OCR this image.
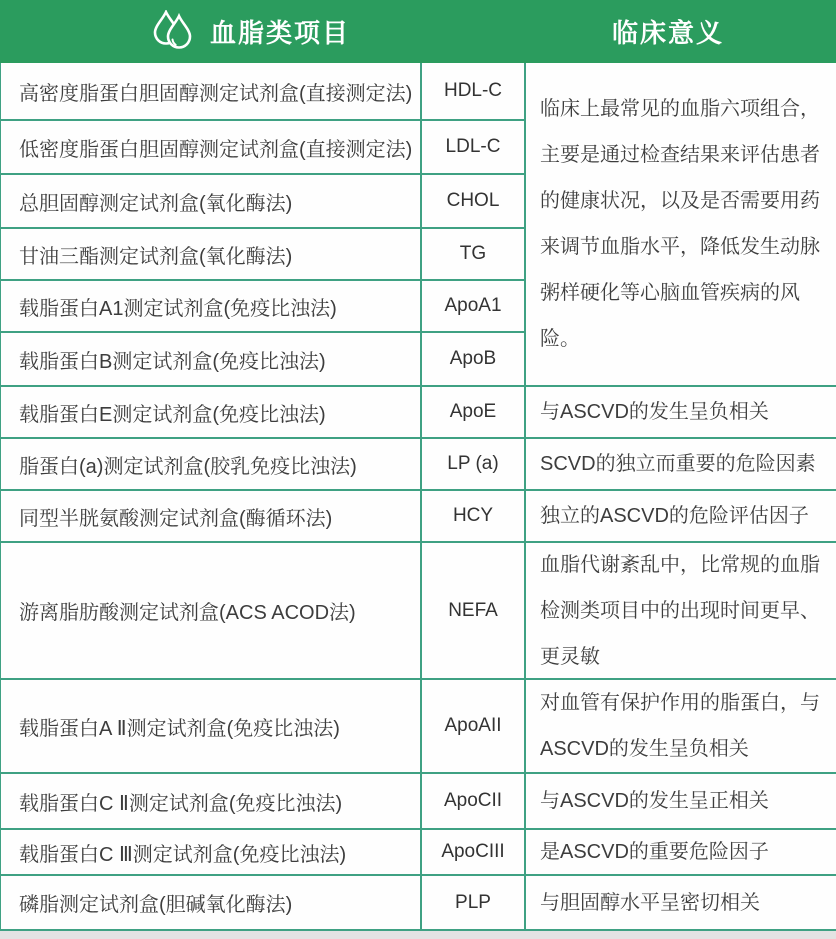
血脂类项目	临床意义
高密度脂蛋白胆固醇测定试剂盒(直接测定法)
低密度脂蛋白胆固醇测定试剂盒(直接测定法)
总胆固醇测定试剂盒(氧化酶法)
甘油三酯测定试剂盒(氧化酶法)
载脂蛋白A1测定试剂盒(免疫比浊法)
载脂蛋白B测定试剂盒(免疫比浊法)
载脂蛋白E测定试剂盒(免疫比浊法)
脂蛋白(a)测定试剂盒(胶乳免疫比浊法)
同型半胱氨酸测定试剂盒(酶循环法)
游离脂肪酸测定试剂盒(ACS ACOD法)
载脂蛋白A Ⅱ测定试剂盒(免疫比浊法)
载脂蛋白C Ⅱ测定试剂盒(免疫比浊法)
载脂蛋白C Ⅲ测定试剂盒(免疫比浊法)
磷脂测定试剂盒(胆碱氧化酶法)
HDL-C
LDL-C
CHOL
TG
ApoA1
ApoB
ApoE
LP (a)
HCY
NEFA
ApoAII
ApoCII
ApoCIII
PLP
临床上最常见的血脂六项组合，主要是通过检查结果来评估患者的健康状况，以及是否需要用药来调节血脂水平，降低发生动脉粥样硬化等心脑血管疾病的风险。
与ASCVD的发生呈负相关
SCVD的独立而重要的危险因素
独立的ASCVD的危险评估因子
血脂代谢紊乱中，比常规的血脂检测类项目中的出现时间更早、更灵敏
对血管有保护作用的脂蛋白，与ASCVD的发生呈负相关
与ASCVD的发生呈正相关
是ASCVD的重要危险因子
与胆固醇水平呈密切相关
